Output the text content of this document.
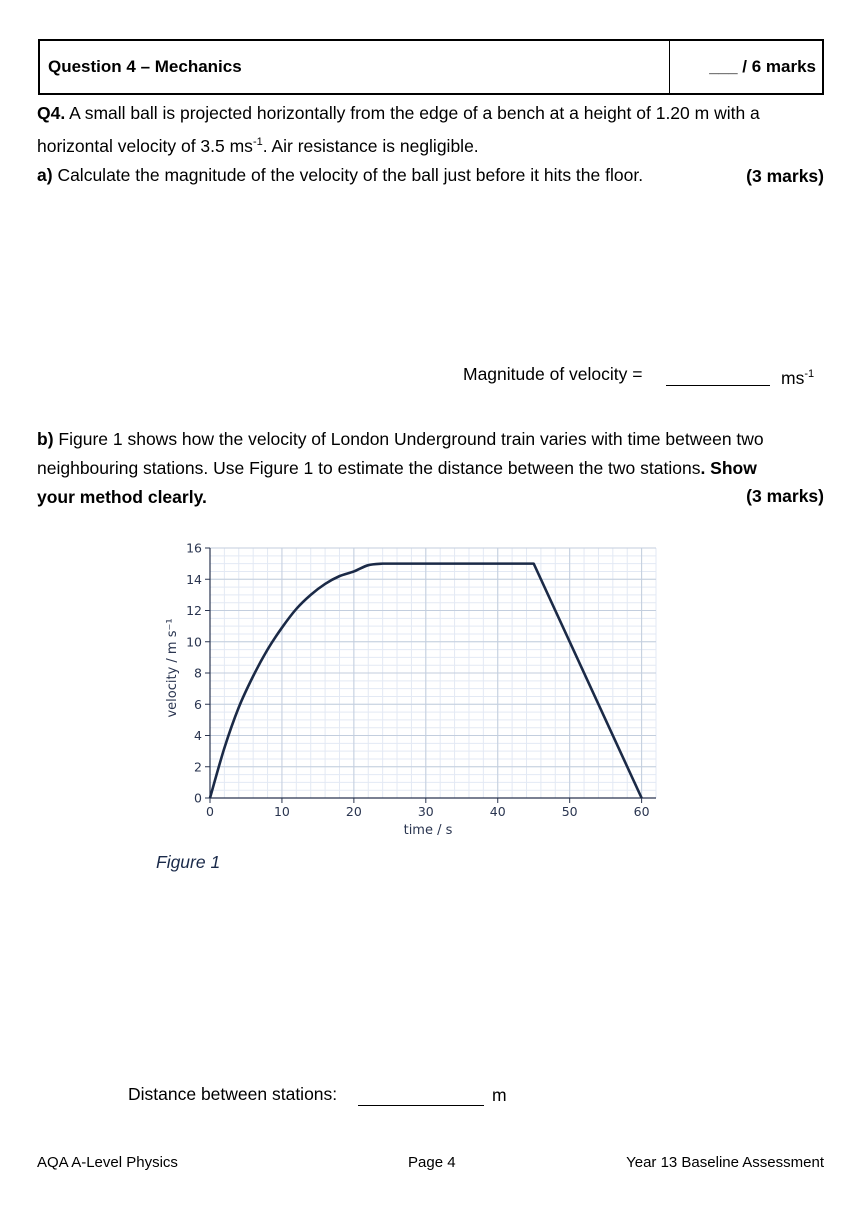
Question 4 – Mechanics	___ / 6 marks
Q4. A small ball is projected horizontally from the edge of a bench at a height of 1.20 m with a
horizontal velocity of 3.5 $ms^{-1}$. Air resistance is negligible.
a) Calculate the magnitude of the velocity of the ball just before it hits the floor.	(3 marks)
Magnitude of velocity =	$ms^{-1}$
b) Figure 1 shows how the velocity of London Underground train varies with time between two
neighbouring stations. Use Figure 1 to estimate the distance between the two stations. Show
your method clearly.	(3 marks)
0	10	20	30	40	50	60
0
2
4
6
8
10
12
14
16
time / s
velocity / m s⁻¹
Figure 1
Distance between stations:	m
AQA A-Level Physics	Page 4	Year 13 Baseline Assessment
